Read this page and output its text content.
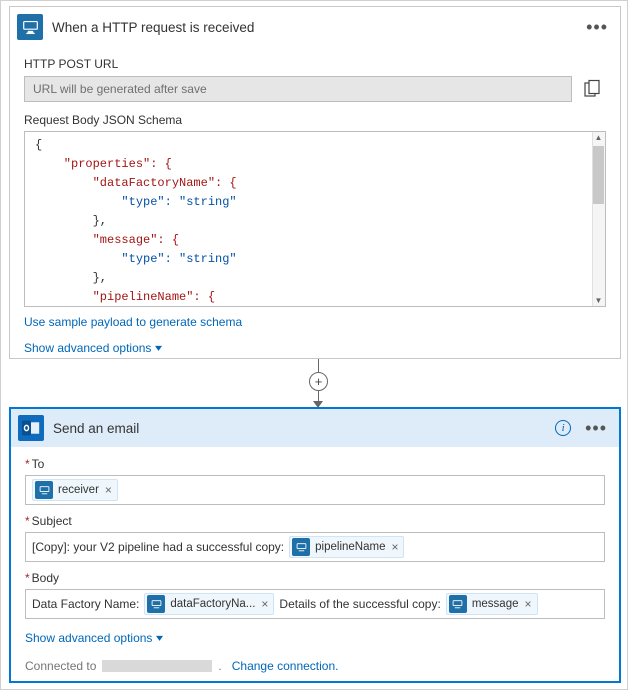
When a HTTP request is received	•••
HTTP POST URL
URL will be generated after save
Request Body JSON Schema
{
"properties": {
"dataFactoryName": {
"type": "string"
},
"message": {
"type": "string"
},
"pipelineName": {

▲
▼
Use sample payload to generate schema
Show advanced options ▾
+
Send an email	i	•••
* To
receiver ×
* Subject
[Copy]: your V2 pipeline had a successful copy:	pipelineName ×
* Body
Data Factory Name:	dataFactoryNa... × Details of the successful copy:	message ×
Show advanced options ▾
Connected to	. Change connection.
